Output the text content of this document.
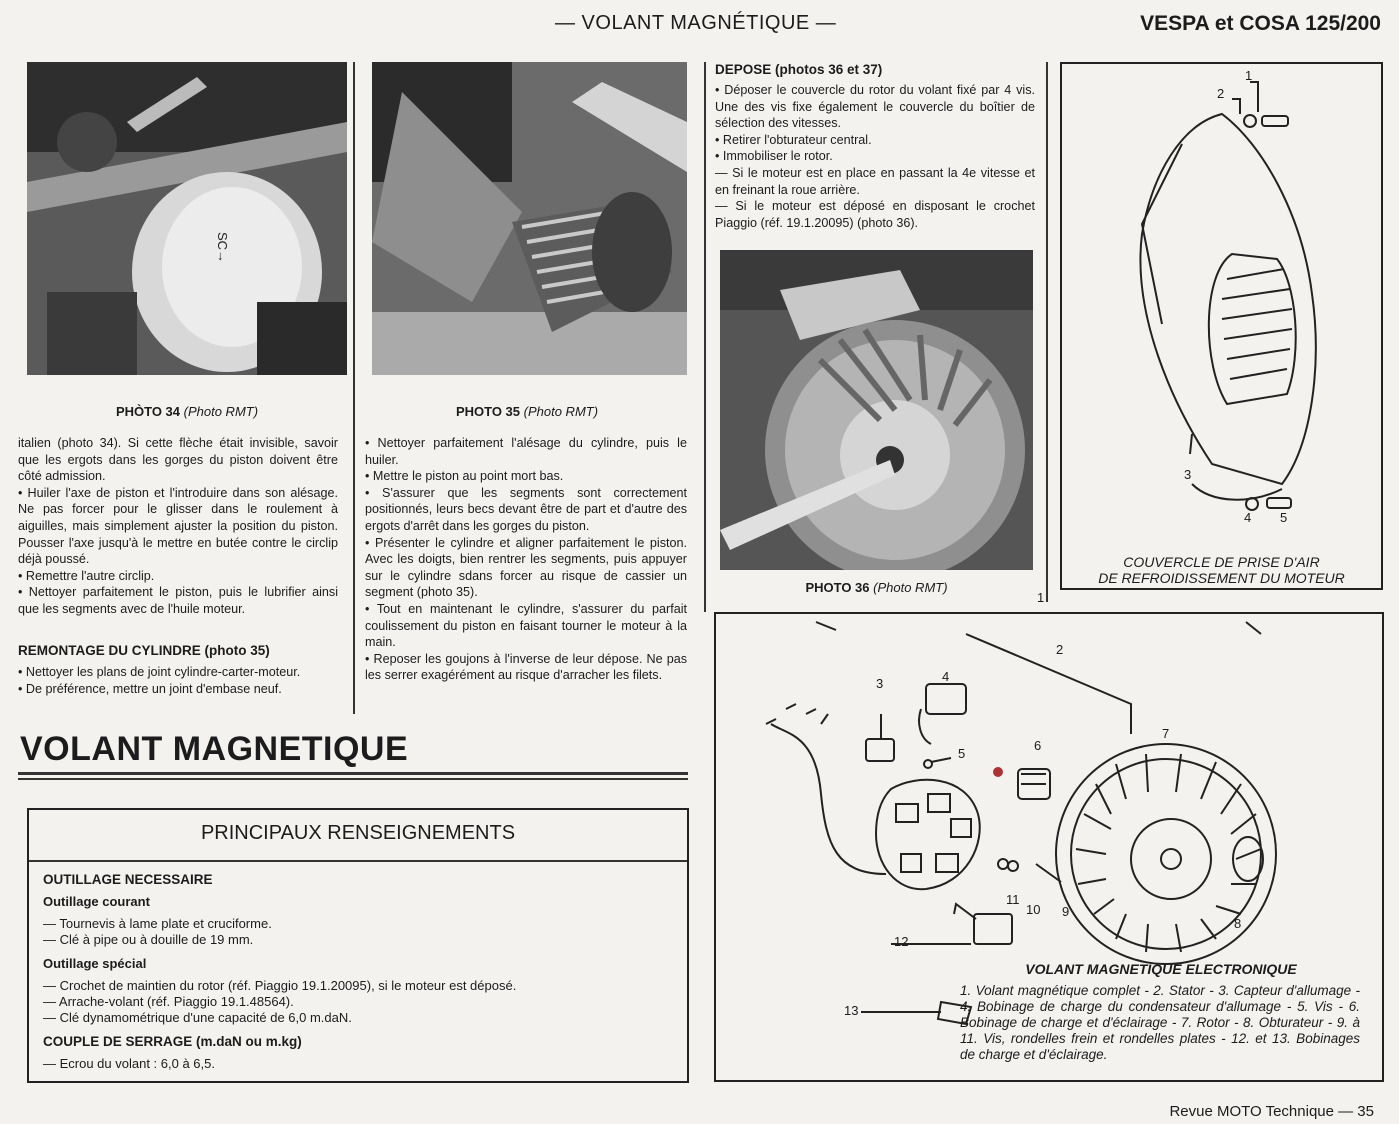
— VOLANT MAGNÉTIQUE —	VESPA et COSA 125/200
SC→
PHÒTO 34 (Photo RMT)	PHOTO 35 (Photo RMT)
PHOTO 36 (Photo RMT)

italien (photo 34). Si cette flèche était invisible, savoir que les ergots dans les gorges du piston doivent être côté admission.

• Huiler l'axe de piston et l'introduire dans son alésage. Ne pas forcer pour le glisser dans le roulement à aiguilles, mais simplement ajuster la position du piston. Pousser l'axe jusqu'à le mettre en butée contre le circlip déjà poussé.

• Remettre l'autre circlip.

• Nettoyer parfaitement le piston, puis le lubrifier ainsi que les segments avec de l'huile moteur.

REMONTAGE DU CYLINDRE (photo 35)

• Nettoyer les plans de joint cylindre-carter-moteur.

• De préférence, mettre un joint d'embase neuf.

• Nettoyer parfaitement l'alésage du cylindre, puis le huiler.

• Mettre le piston au point mort bas.

• S'assurer que les segments sont correctement positionnés, leurs becs devant être de part et d'autre des ergots d'arrêt dans les gorges du piston.

• Présenter le cylindre et aligner parfaitement le piston. Avec les doigts, bien rentrer les segments, puis appuyer sur le cylindre sdans forcer au risque de cassier un segment (photo 35).

• Tout en maintenant le cylindre, s'assurer du parfait coulissement du piston en faisant tourner le moteur à la main.

• Reposer les goujons à l'inverse de leur dépose. Ne pas les serrer exagérément au risque d'arracher les filets.

DEPOSE (photos 36 et 37)

• Déposer le couvercle du rotor du volant fixé par 4 vis. Une des vis fixe également le couvercle du boîtier de sélection des vitesses.

• Retirer l'obturateur central.

• Immobiliser le rotor.

— Si le moteur est en place en passant la 4e vitesse et en freinant la roue arrière.

— Si le moteur est déposé en disposant le crochet Piaggio (réf. 19.1.20095) (photo 36).

1
2
3
4 5
COUVERCLE DE PRISE D'AIR
DE REFROIDISSEMENT DU MOTEUR
VOLANT MAGNETIQUE
PRINCIPAUX RENSEIGNEMENTS
OUTILLAGE NECESSAIRE
Outillage courant
— Tournevis à lame plate et cruciforme.
— Clé à pipe ou à douille de 19 mm.
Outillage spécial
— Crochet de maintien du rotor (réf. Piaggio 19.1.20095), si le moteur est déposé.
— Arrache-volant (réf. Piaggio 19.1.48564).
— Clé dynamométrique d'une capacité de 6,0 m.daN.
COUPLE DE SERRAGE (m.daN ou m.kg)
— Ecrou du volant : 6,0 à 6,5.
1
2
3	4
5
6
7
8
9
10
11
12
13
VOLANT MAGNETIQUE ELECTRONIQUE
1. Volant magnétique complet - 2. Stator - 3. Capteur d'allumage - 4. Bobinage de charge du condensateur d'allumage - 5. Vis - 6. Bobinage de charge et d'éclairage - 7. Rotor - 8. Obturateur - 9. à 11. Vis, rondelles frein et rondelles plates - 12. et 13. Bobinages de charge et d'éclairage.
Revue MOTO Technique — 35
